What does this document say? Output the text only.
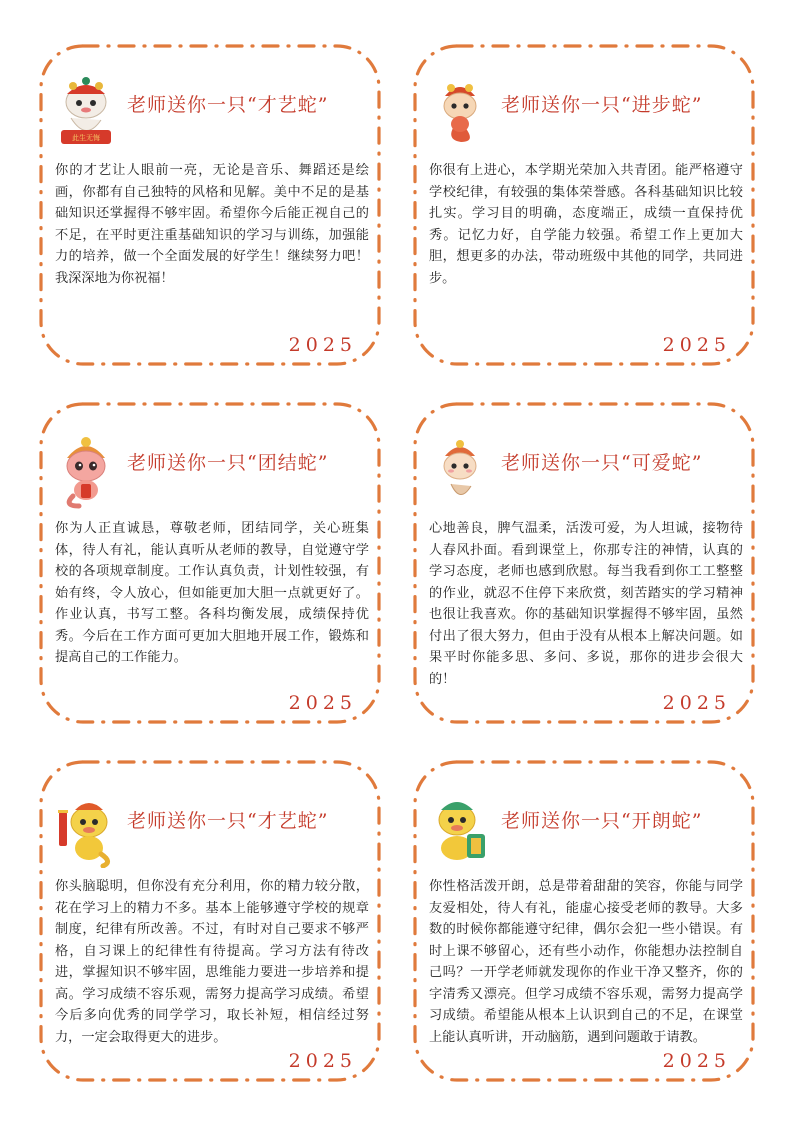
此生无悔
老师送你一只“才艺蛇”
你的才艺让人眼前一亮，无论是音乐、舞蹈还是绘画，你都有自己独特的风格和见解。美中不足的是基础知识还掌握得不够牢固。希望你今后能正视自己的不足，在平时更注重基础知识的学习与训练，加强能力的培养，做一个全面发展的好学生！继续努力吧！我深深地为你祝福！
2025
老师送你一只“进步蛇”
你很有上进心，本学期光荣加入共青团。能严格遵守学校纪律，有较强的集体荣誉感。各科基础知识比较扎实。学习目的明确，态度端正，成绩一直保持优秀。记忆力好，自学能力较强。希望工作上更加大胆，想更多的办法，带动班级中其他的同学，共同进步。
2025
老师送你一只“团结蛇”
你为人正直诚恳，尊敬老师，团结同学，关心班集体，待人有礼，能认真听从老师的教导，自觉遵守学校的各项规章制度。工作认真负责，计划性较强，有始有终，令人放心，但如能更加大胆一点就更好了。作业认真，书写工整。各科均衡发展，成绩保持优秀。今后在工作方面可更加大胆地开展工作，锻炼和提高自己的工作能力。
2025
老师送你一只“可爱蛇”
心地善良，脾气温柔，活泼可爱，为人坦诚，接物待人春风扑面。看到课堂上，你那专注的神情，认真的学习态度，老师也感到欣慰。每当我看到你工工整整的作业，就忍不住停下来欣赏，刻苦踏实的学习精神也很让我喜欢。你的基础知识掌握得不够牢固，虽然付出了很大努力，但由于没有从根本上解决问题。如果平时你能多思、多问、多说，那你的进步会很大的！
2025
老师送你一只“才艺蛇”
你头脑聪明，但你没有充分利用，你的精力较分散，花在学习上的精力不多。基本上能够遵守学校的规章制度，纪律有所改善。不过，有时对自己要求不够严格，自习课上的纪律性有待提高。学习方法有待改进，掌握知识不够牢固，思维能力要进一步培养和提高。学习成绩不容乐观，需努力提高学习成绩。希望今后多向优秀的同学学习，取长补短，相信经过努力，一定会取得更大的进步。
2025
老师送你一只“开朗蛇”
你性格活泼开朗，总是带着甜甜的笑容，你能与同学友爱相处，待人有礼，能虚心接受老师的教导。大多数的时候你都能遵守纪律，偶尔会犯一些小错误。有时上课不够留心，还有些小动作，你能想办法控制自己吗？一开学老师就发现你的作业干净又整齐，你的字清秀又漂亮。但学习成绩不容乐观，需努力提高学习成绩。希望能从根本上认识到自己的不足，在课堂上能认真听讲，开动脑筋，遇到问题敢于请教。
2025
